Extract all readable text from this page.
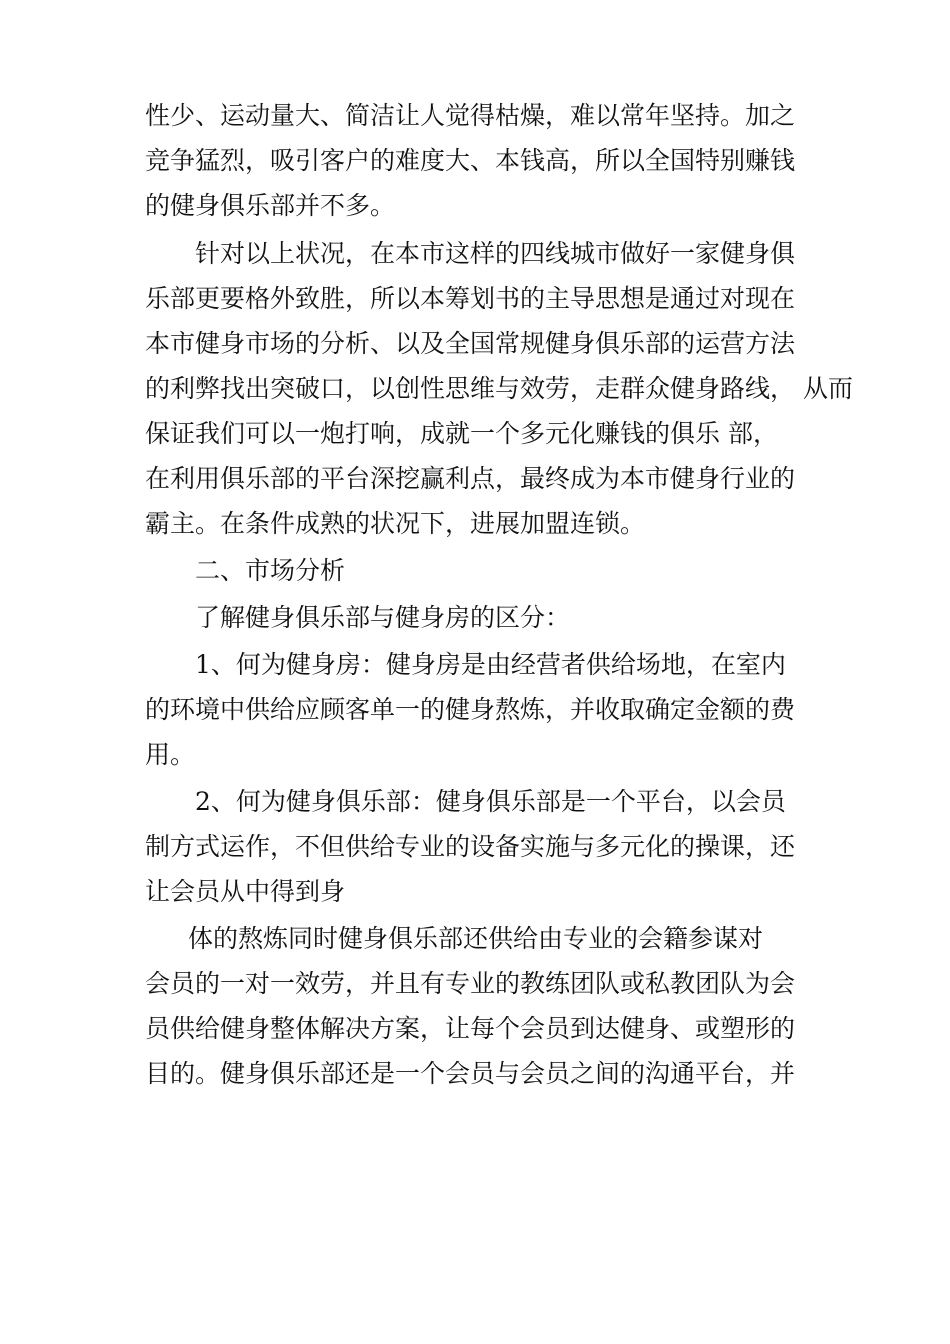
性少、运动量大、简洁让人觉得枯燥，难以常年坚持。加之

竞争猛烈，吸引客户的难度大、本钱高，所以全国特别赚钱

的健身俱乐部并不多。

针对以上状况，在本市这样的四线城市做好一家健身俱

乐部更要格外致胜，所以本筹划书的主导思想是通过对现在

本市健身市场的分析、以及全国常规健身俱乐部的运营方法

的利弊找出突破口，以创性思维与效劳，走群众健身路线， 从而

保证我们可以一炮打响，成就一个多元化赚钱的俱乐 部，

在利用俱乐部的平台深挖赢利点，最终成为本市健身行业的

霸主。在条件成熟的状况下，进展加盟连锁。

二、市场分析

了解健身俱乐部与健身房的区分：

1、何为健身房：健身房是由经营者供给场地，在室内

的环境中供给应顾客单一的健身熬炼，并收取确定金额的费

用。

2、何为健身俱乐部：健身俱乐部是一个平台，以会员

制方式运作，不但供给专业的设备实施与多元化的操课，还

让会员从中得到身

体的熬炼同时健身俱乐部还供给由专业的会籍参谋对

会员的一对一效劳，并且有专业的教练团队或私教团队为会

员供给健身整体解决方案，让每个会员到达健身、或塑形的

目的。健身俱乐部还是一个会员与会员之间的沟通平台，并
